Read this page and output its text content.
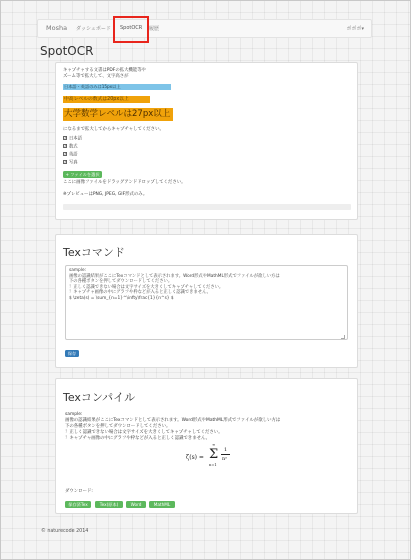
Mosha ダッシュボード SpotOCR 履歴	ポポポ▾
SpotOCR
キャプチャする文書はPDFの拡大機能等や
ズーム等で拡大して、文字高さが
日本語・英語のみは15px以上
中高レベルの数式は20px以上
大学数学レベルは27px以上
になるまで拡大してからキャプチャしてください。
✓日本語
✓数式
✓英語
✓写真
+ ファイルを選択
ここに画像ファイルをドラッグアンドドロップしてください。
※プレビューはPNG, JPEG, GIF形式のみ。
Texコマンド
sample:
画像の認識結果がここにTexコマンドとして表示されます。Word形式やMathML形式でファイルが欲しい方は
下の各種ボタンを押してダウンロードしてください。
！正しく認識できない場合は文字サイズを大きくしてキャプチャしてください。
！キャプチャ画像の中にグラフや枠などが入ると正しく認識できません。
$ \zeta(s) = \sum_{n=1}^\infty\frac{1}{n^s} $
保存
Texコンパイル
sample:
画像の認識結果がここにTexコマンドとして表示されます。Word形式やMathML形式でファイルが欲しい方は
下の各種ボタンを押してダウンロードしてください。
！正しく認識できない場合は文字サイズを大きくしてキャプチャしてください。
！キャプチャ画像の中にグラフや枠などが入ると正しく認識できません。
ζ(s) =
∞
Σ
n=1
1
nˢ
ダウンロード:
保存済Tex	Tex(原本)	Word	MathML
© naturecode 2014
